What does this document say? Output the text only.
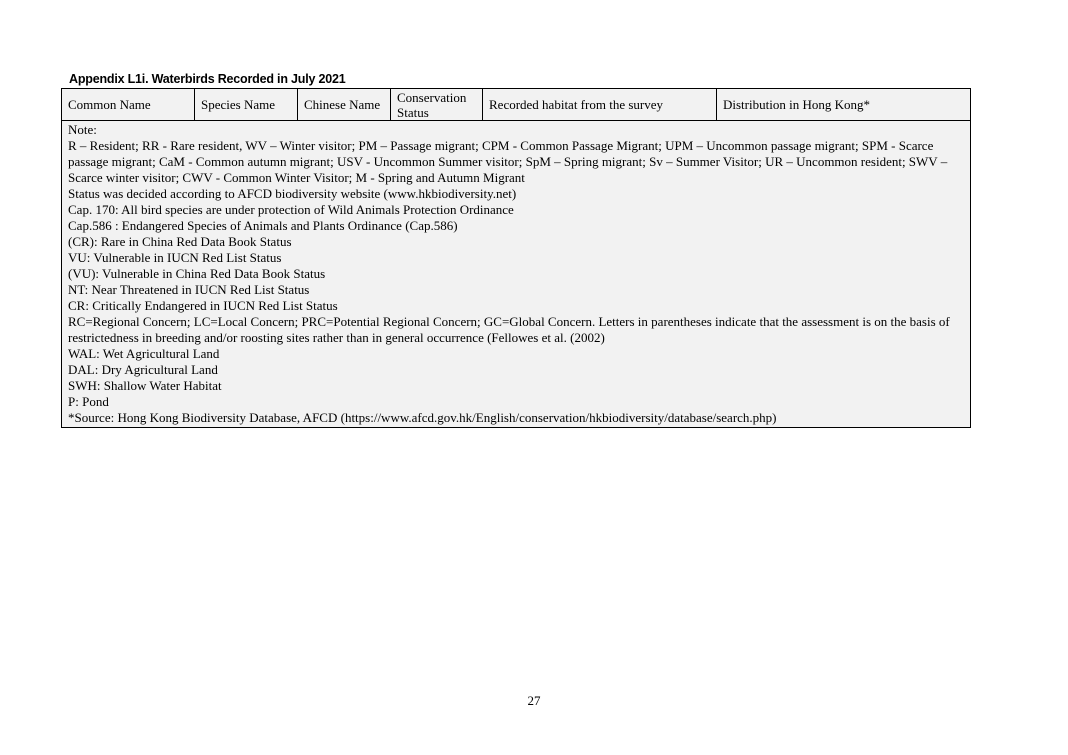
Appendix L1i. Waterbirds Recorded in July 2021
Common Name	Species Name	Chinese Name	Conservation Status	Recorded habitat from the survey	Distribution in Hong Kong*

Note:
R – Resident; RR - Rare resident, WV – Winter visitor; PM – Passage migrant; CPM - Common Passage Migrant; UPM – Uncommon passage migrant; SPM - Scarce passage migrant; CaM - Common autumn migrant; USV - Uncommon Summer visitor; SpM – Spring migrant; Sv – Summer Visitor; UR – Uncommon resident; SWV – Scarce winter visitor; CWV - Common Winter Visitor; M - Spring and Autumn Migrant
Status was decided according to AFCD biodiversity website (www.hkbiodiversity.net)
Cap. 170: All bird species are under protection of Wild Animals Protection Ordinance
Cap.586 : Endangered Species of Animals and Plants Ordinance (Cap.586)
(CR): Rare in China Red Data Book Status
VU: Vulnerable in IUCN Red List Status
(VU): Vulnerable in China Red Data Book Status
NT: Near Threatened in IUCN Red List Status
CR: Critically Endangered in IUCN Red List Status
RC=Regional Concern; LC=Local Concern; PRC=Potential Regional Concern; GC=Global Concern. Letters in parentheses indicate that the assessment is on the basis of restrictedness in breeding and/or roosting sites rather than in general occurrence (Fellowes et al. (2002)
WAL: Wet Agricultural Land
DAL: Dry Agricultural Land
SWH: Shallow Water Habitat
P: Pond
*Source: Hong Kong Biodiversity Database, AFCD (https://www.afcd.gov.hk/English/conservation/hkbiodiversity/database/search.php)
27
